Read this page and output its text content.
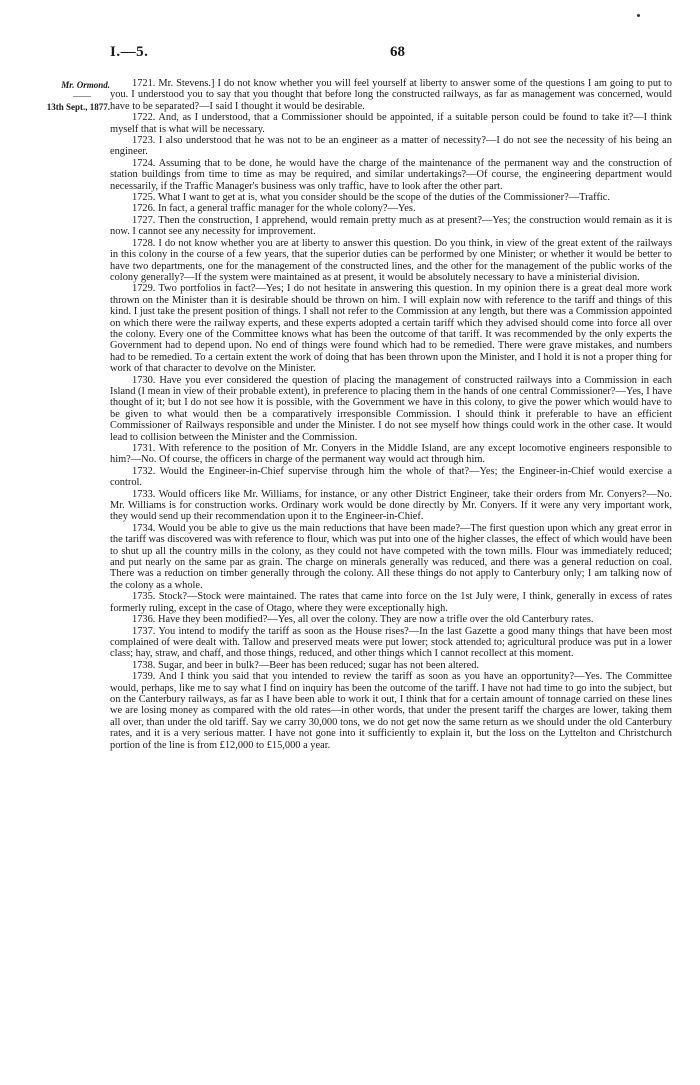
I.—5.	68
Mr. Ormond.
——
13th Sept., 1877.

1721. Mr. Stevens.] I do not know whether you will feel yourself at liberty to answer some of the questions I am going to put to you. I understood you to say that you thought that before long the constructed railways, as far as management was concerned, would have to be separated?—I said I thought it would be desirable.

1722. And, as I understood, that a Commissioner should be appointed, if a suitable person could be found to take it?—I think myself that is what will be necessary.

1723. I also understood that he was not to be an engineer as a matter of necessity?—I do not see the necessity of his being an engineer.

1724. Assuming that to be done, he would have the charge of the maintenance of the permanent way and the construction of station buildings from time to time as may be required, and similar undertakings?—Of course, the engineering department would necessarily, if the Traffic Manager's business was only traffic, have to look after the other part.

1725. What I want to get at is, what you consider should be the scope of the duties of the Commissioner?—Traffic.

1726. In fact, a general traffic manager for the whole colony?—Yes.

1727. Then the construction, I apprehend, would remain pretty much as at present?—Yes; the construction would remain as it is now. I cannot see any necessity for improvement.

1728. I do not know whether you are at liberty to answer this question. Do you think, in view of the great extent of the railways in this colony in the course of a few years, that the superior duties can be performed by one Minister; or whether it would be better to have two departments, one for the management of the constructed lines, and the other for the management of the public works of the colony generally?—If the system were maintained as at present, it would be absolutely necessary to have a ministerial division.

1729. Two portfolios in fact?—Yes; I do not hesitate in answering this question. In my opinion there is a great deal more work thrown on the Minister than it is desirable should be thrown on him. I will explain now with reference to the tariff and things of this kind. I just take the present position of things. I shall not refer to the Commission at any length, but there was a Commission appointed on which there were the railway experts, and these experts adopted a certain tariff which they advised should come into force all over the colony. Every one of the Committee knows what has been the outcome of that tariff. It was recommended by the only experts the Government had to depend upon. No end of things were found which had to be remedied. There were grave mistakes, and numbers had to be remedied. To a certain extent the work of doing that has been thrown upon the Minister, and I hold it is not a proper thing for work of that character to devolve on the Minister.

1730. Have you ever considered the question of placing the management of constructed railways into a Commission in each Island (I mean in view of their probable extent), in preference to placing them in the hands of one central Commissioner?—Yes, I have thought of it; but I do not see how it is possible, with the Government we have in this colony, to give the power which would have to be given to what would then be a comparatively irresponsible Commission. I should think it preferable to have an efficient Commissioner of Railways responsible and under the Minister. I do not see myself how things could work in the other case. It would lead to collision between the Minister and the Commission.

1731. With reference to the position of Mr. Conyers in the Middle Island, are any except locomotive engineers responsible to him?—No. Of course, the officers in charge of the permanent way would act through him.

1732. Would the Engineer-in-Chief supervise through him the whole of that?—Yes; the Engineer-in-Chief would exercise a control.

1733. Would officers like Mr. Williams, for instance, or any other District Engineer, take their orders from Mr. Conyers?—No. Mr. Williams is for construction works. Ordinary work would be done directly by Mr. Conyers. If it were any very important work, they would send up their recommendation upon it to the Engineer-in-Chief.

1734. Would you be able to give us the main reductions that have been made?—The first question upon which any great error in the tariff was discovered was with reference to flour, which was put into one of the higher classes, the effect of which would have been to shut up all the country mills in the colony, as they could not have competed with the town mills. Flour was immediately reduced; and put nearly on the same par as grain. The charge on minerals generally was reduced, and there was a general reduction on coal. There was a reduction on timber generally through the colony. All these things do not apply to Canterbury only; I am talking now of the colony as a whole.

1735. Stock?—Stock were maintained. The rates that came into force on the 1st July were, I think, generally in excess of rates formerly ruling, except in the case of Otago, where they were exceptionally high.

1736. Have they been modified?—Yes, all over the colony. They are now a trifle over the old Canterbury rates.

1737. You intend to modify the tariff as soon as the House rises?—In the last Gazette a good many things that have been most complained of were dealt with. Tallow and preserved meats were put lower; stock attended to; agricultural produce was put in a lower class; hay, straw, and chaff, and those things, reduced, and other things which I cannot recollect at this moment.

1738. Sugar, and beer in bulk?—Beer has been reduced; sugar has not been altered.

1739. And I think you said that you intended to review the tariff as soon as you have an opportunity?—Yes. The Committee would, perhaps, like me to say what I find on inquiry has been the outcome of the tariff. I have not had time to go into the subject, but on the Canterbury railways, as far as I have been able to work it out, I think that for a certain amount of tonnage carried on these lines we are losing money as compared with the old rates—in other words, that under the present tariff the charges are lower, taking them all over, than under the old tariff. Say we carry 30,000 tons, we do not get now the same return as we should under the old Canterbury rates, and it is a very serious matter. I have not gone into it sufficiently to explain it, but the loss on the Lyttelton and Christchurch portion of the line is from £12,000 to £15,000 a year.
